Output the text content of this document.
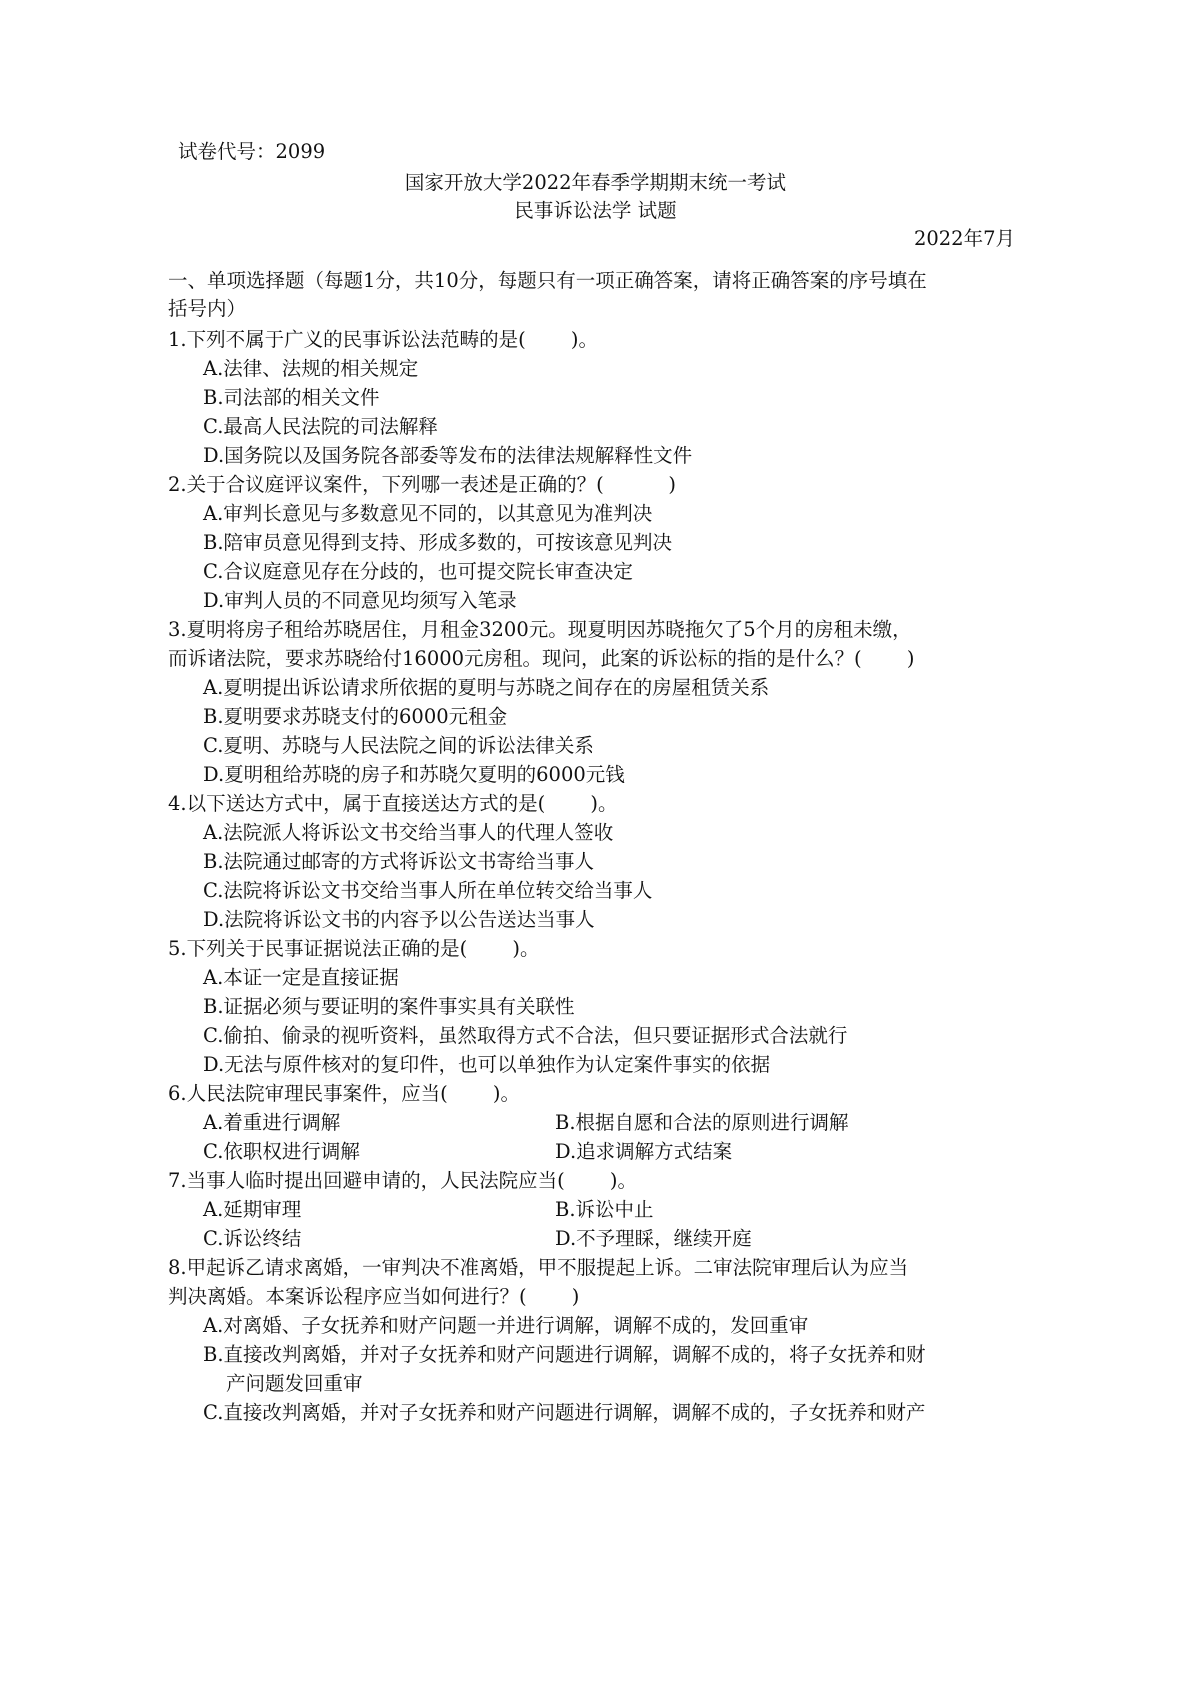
试卷代号：2099
国家开放大学2022年春季学期期末统一考试
民事诉讼法学 试题
2022年7月
一、单项选择题（每题1分，共10分，每题只有一项正确答案，请将正确答案的序号填在
括号内）
1.下列不属于广义的民事诉讼法范畴的是(　　 )。
A.法律、法规的相关规定
B.司法部的相关文件
C.最高人民法院的司法解释
D.国务院以及国务院各部委等发布的法律法规解释性文件
2.关于合议庭评议案件，下列哪一表述是正确的？(　　 　)
A.审判长意见与多数意见不同的，以其意见为准判决
B.陪审员意见得到支持、形成多数的，可按该意见判决
C.合议庭意见存在分歧的，也可提交院长审查决定
D.审判人员的不同意见均须写入笔录
3.夏明将房子租给苏晓居住，月租金3200元。现夏明因苏晓拖欠了5个月的房租未缴，
而诉诸法院，要求苏晓给付16000元房租。现问，此案的诉讼标的指的是什么？(　　 )
A.夏明提出诉讼请求所依据的夏明与苏晓之间存在的房屋租赁关系
B.夏明要求苏晓支付的6000元租金
C.夏明、苏晓与人民法院之间的诉讼法律关系
D.夏明租给苏晓的房子和苏晓欠夏明的6000元钱
4.以下送达方式中，属于直接送达方式的是(　　 )。
A.法院派人将诉讼文书交给当事人的代理人签收
B.法院通过邮寄的方式将诉讼文书寄给当事人
C.法院将诉讼文书交给当事人所在单位转交给当事人
D.法院将诉讼文书的内容予以公告送达当事人
5.下列关于民事证据说法正确的是(　　 )。
A.本证一定是直接证据
B.证据必须与要证明的案件事实具有关联性
C.偷拍、偷录的视听资料，虽然取得方式不合法，但只要证据形式合法就行
D.无法与原件核对的复印件，也可以单独作为认定案件事实的依据
6.人民法院审理民事案件，应当(　　 )。
A.着重进行调解	B.根据自愿和合法的原则进行调解
C.依职权进行调解	D.追求调解方式结案
7.当事人临时提出回避申请的，人民法院应当(　　 )。
A.延期审理	B.诉讼中止
C.诉讼终结	D.不予理睬，继续开庭
8.甲起诉乙请求离婚，一审判决不准离婚，甲不服提起上诉。二审法院审理后认为应当
判决离婚。本案诉讼程序应当如何进行？(　　 )
A.对离婚、子女抚养和财产问题一并进行调解，调解不成的，发回重审
B.直接改判离婚，并对子女抚养和财产问题进行调解，调解不成的，将子女抚养和财
产问题发回重审
C.直接改判离婚，并对子女抚养和财产问题进行调解，调解不成的，子女抚养和财产
